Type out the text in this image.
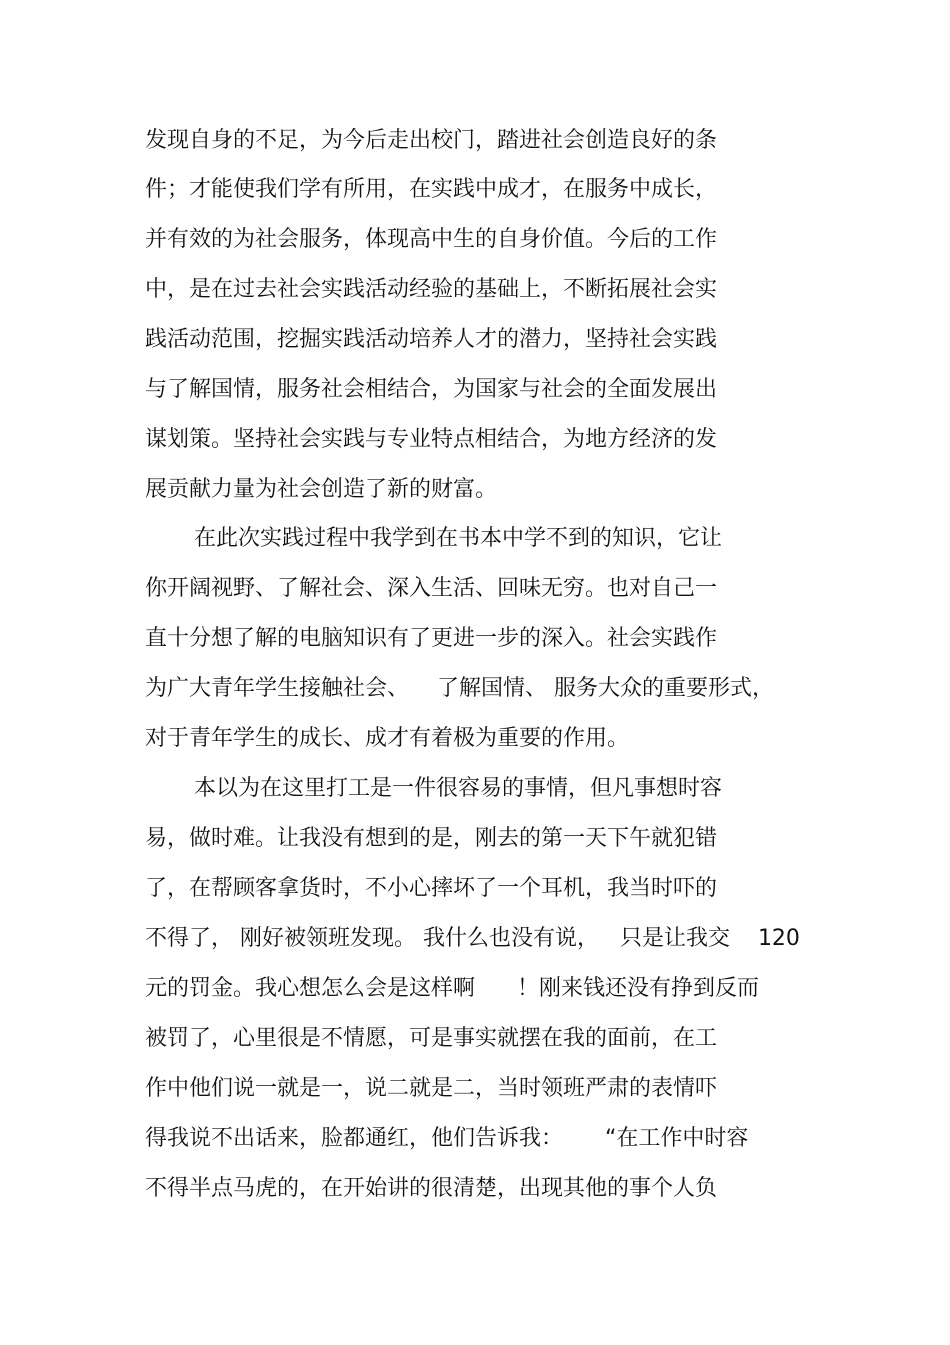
发现自身的不足，为今后走出校门，踏进社会创造良好的条
件；才能使我们学有所用，在实践中成才，在服务中成长，
并有效的为社会服务，体现高中生的自身价值。今后的工作
中，是在过去社会实践活动经验的基础上，不断拓展社会实
践活动范围，挖掘实践活动培养人才的潜力，坚持社会实践
与了解国情，服务社会相结合，为国家与社会的全面发展出
谋划策。坚持社会实践与专业特点相结合，为地方经济的发
展贡献力量为社会创造了新的财富。
在此次实践过程中我学到在书本中学不到的知识，它让
你开阔视野、了解社会、深入生活、回味无穷。也对自己一
直十分想了解的电脑知识有了更进一步的深入。社会实践作
为广大青年学生接触社会、    了解国情、 服务大众的重要形式，
对于青年学生的成长、成才有着极为重要的作用。
本以为在这里打工是一件很容易的事情，但凡事想时容
易，做时难。让我没有想到的是，刚去的第一天下午就犯错
了，在帮顾客拿货时，不小心摔坏了一个耳机，我当时吓的
不得了， 刚好被领班发现。 我什么也没有说，   只是让我交    120
元的罚金。我心想怎么会是这样啊      ！刚来钱还没有挣到反而
被罚了，心里很是不情愿，可是事实就摆在我的面前，在工
作中他们说一就是一，说二就是二，当时领班严肃的表情吓
得我说不出话来，脸都通红，他们告诉我：      “在工作中时容
不得半点马虎的，在开始讲的很清楚，出现其他的事个人负
